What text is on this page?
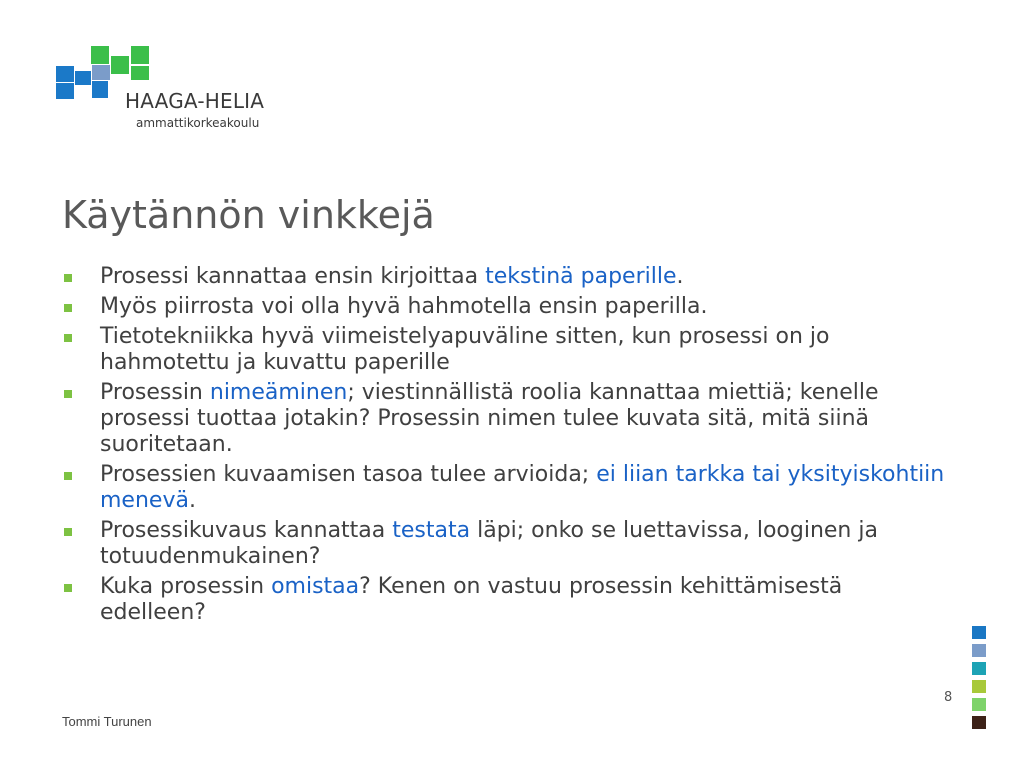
HAAGA-HELIA
ammattikorkeakoulu
Käytännön vinkkejä
Prosessi kannattaa ensin kirjoittaa tekstinä paperille.
Myös piirrosta voi olla hyvä hahmotella ensin paperilla.
Tietotekniikka hyvä viimeistelyapuväline sitten, kun prosessi on jo hahmotettu ja kuvattu paperille
Prosessin nimeäminen; viestinnällistä roolia kannattaa miettiä; kenelle prosessi tuottaa jotakin? Prosessin nimen tulee kuvata sitä, mitä siinä suoritetaan.
Prosessien kuvaamisen tasoa tulee arvioida; ei liian tarkka tai yksityiskohtiin menevä.
Prosessikuvaus kannattaa testata läpi; onko se luettavissa, looginen ja totuudenmukainen?
Kuka prosessin omistaa? Kenen on vastuu prosessin kehittämisestä edelleen?
8
Tommi Turunen
